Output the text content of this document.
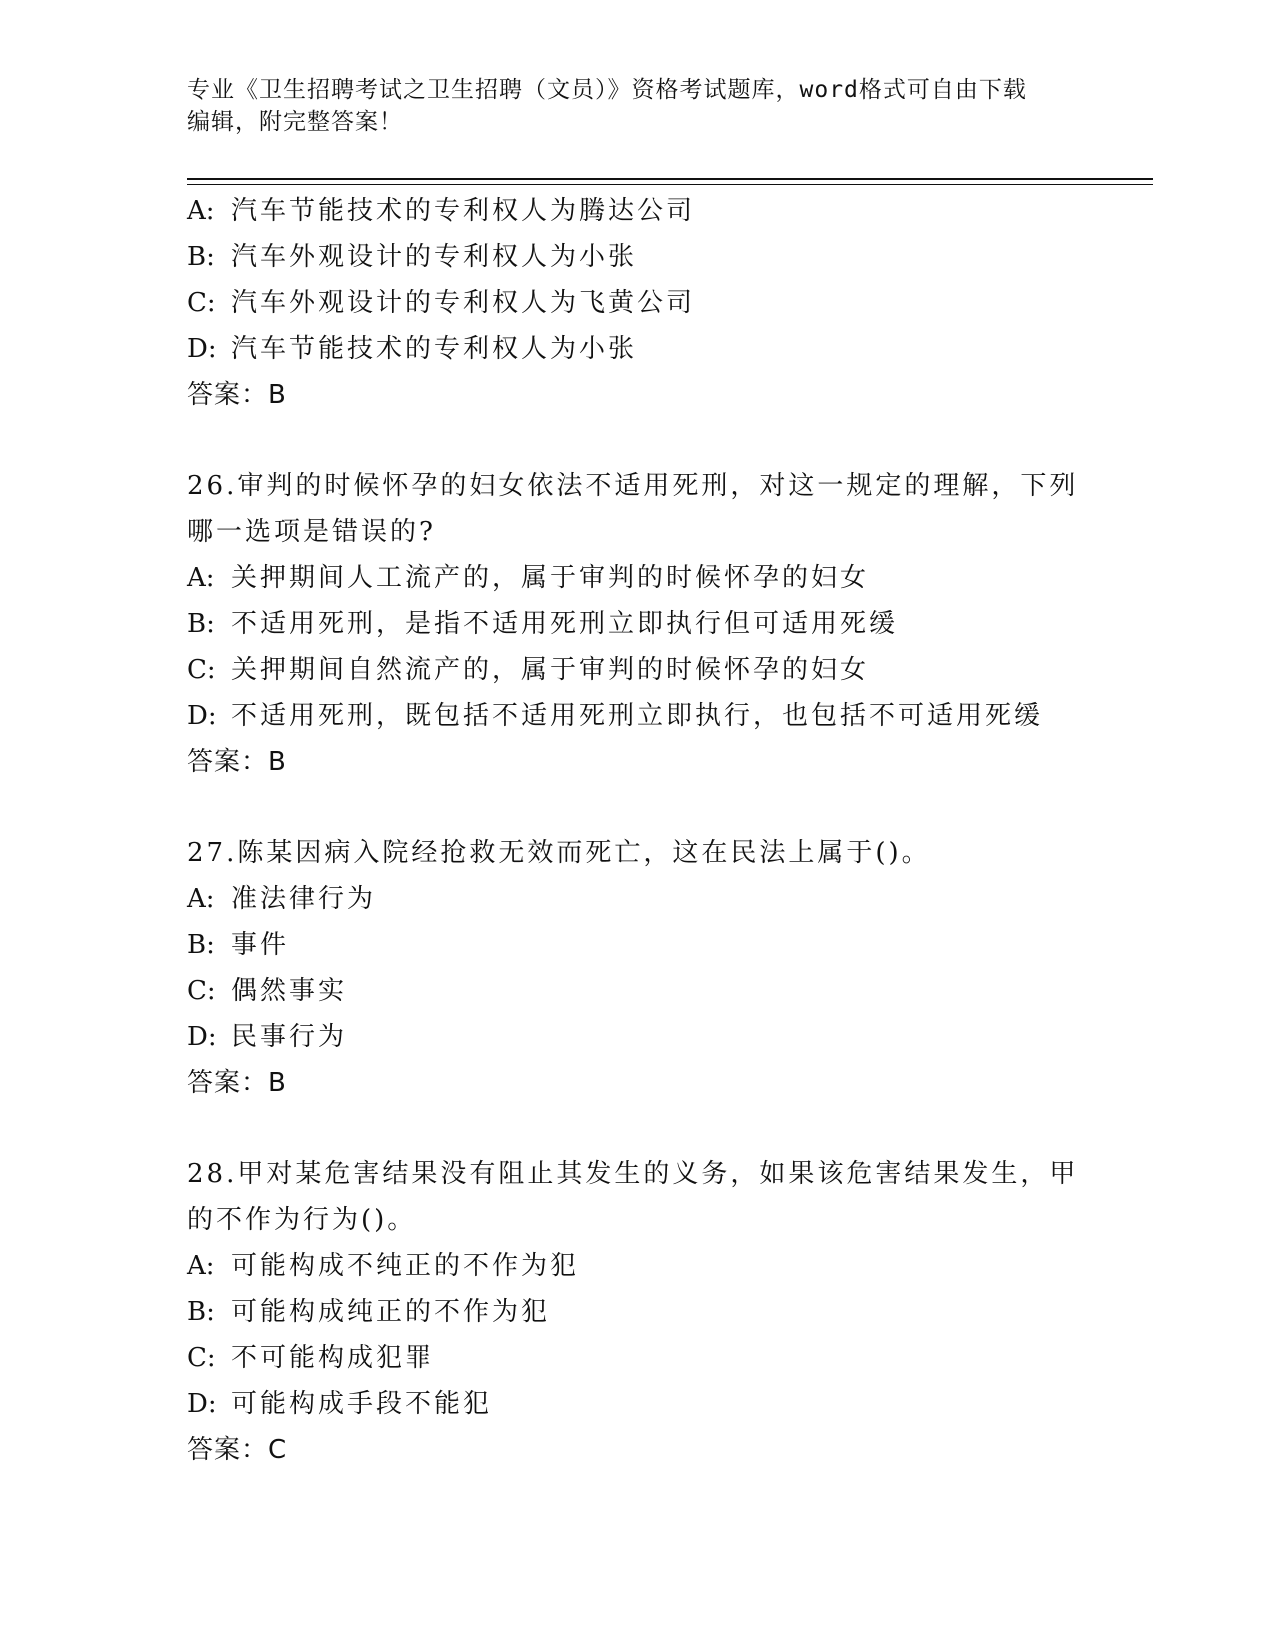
专业《卫生招聘考试之卫生招聘（文员）》资格考试题库，word格式可自由下载
编辑，附完整答案！
A: 汽车节能技术的专利权人为腾达公司
B: 汽车外观设计的专利权人为小张
C: 汽车外观设计的专利权人为飞黄公司
D: 汽车节能技术的专利权人为小张
答案：B
26.审判的时候怀孕的妇女依法不适用死刑，对这一规定的理解，下列
哪一选项是错误的?
A: 关押期间人工流产的，属于审判的时候怀孕的妇女
B: 不适用死刑，是指不适用死刑立即执行但可适用死缓
C: 关押期间自然流产的，属于审判的时候怀孕的妇女
D: 不适用死刑，既包括不适用死刑立即执行，也包括不可适用死缓
答案：B
27.陈某因病入院经抢救无效而死亡，这在民法上属于()。
A: 准法律行为
B: 事件
C: 偶然事实
D: 民事行为
答案：B
28.甲对某危害结果没有阻止其发生的义务，如果该危害结果发生，甲
的不作为行为()。
A: 可能构成不纯正的不作为犯
B: 可能构成纯正的不作为犯
C: 不可能构成犯罪
D: 可能构成手段不能犯
答案：C
